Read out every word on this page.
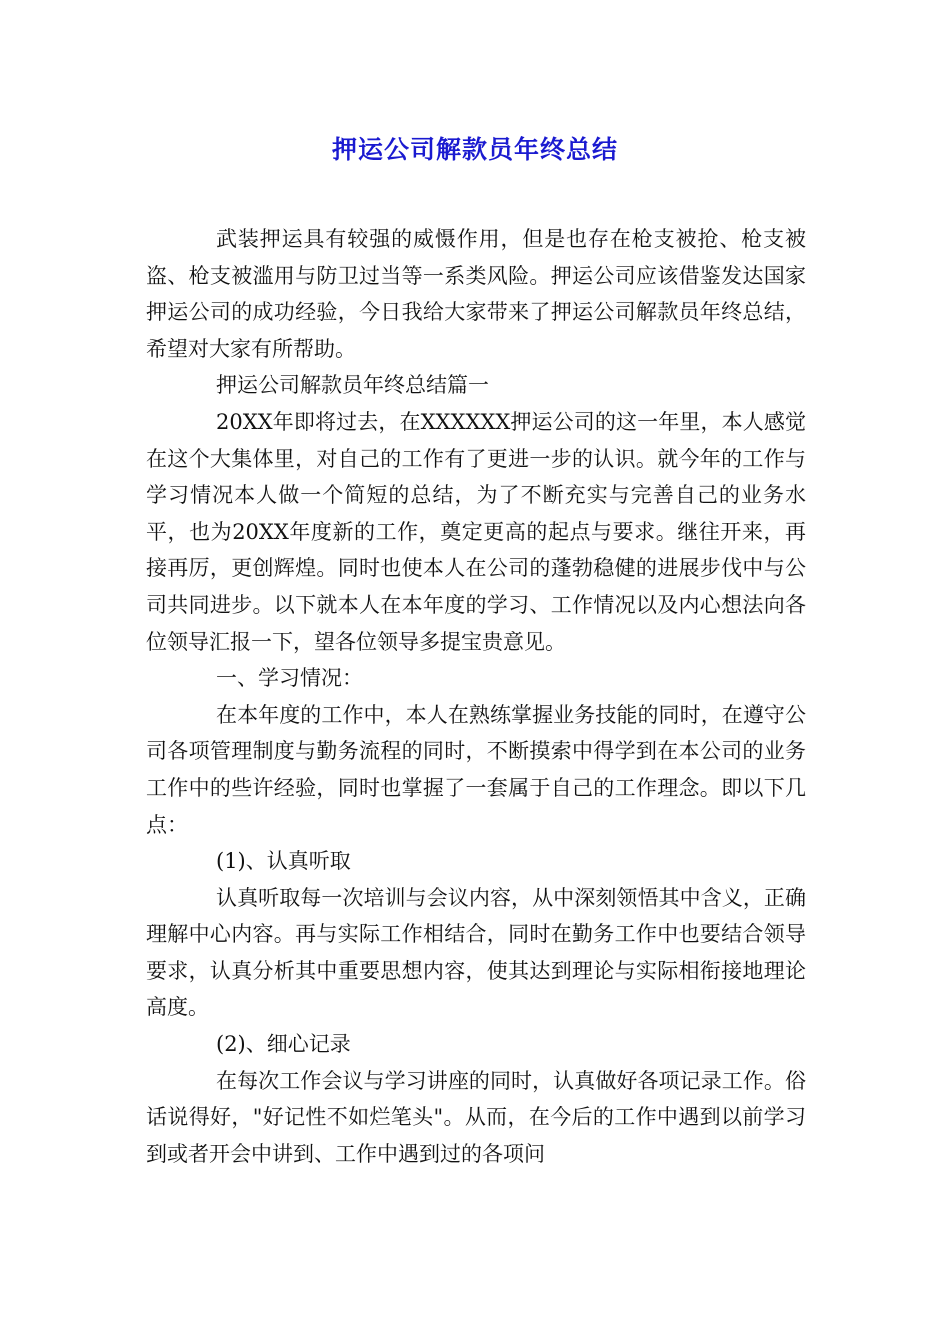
押运公司解款员年终总结

武装押运具有较强的威慑作用，但是也存在枪支被抢、枪支被盗、枪支被滥用与防卫过当等一系类风险。押运公司应该借鉴发达国家押运公司的成功经验，今日我给大家带来了押运公司解款员年终总结，希望对大家有所帮助。

押运公司解款员年终总结篇一

20XX年即将过去，在XXXXXX押运公司的这一年里，本人感觉在这个大集体里，对自己的工作有了更进一步的认识。就今年的工作与学习情况本人做一个简短的总结，为了不断充实与完善自己的业务水平，也为20XX年度新的工作，奠定更高的起点与要求。继往开来，再接再厉，更创辉煌。同时也使本人在公司的蓬勃稳健的进展步伐中与公司共同进步。以下就本人在本年度的学习、工作情况以及内心想法向各位领导汇报一下，望各位领导多提宝贵意见。

一、学习情况：

在本年度的工作中，本人在熟练掌握业务技能的同时，在遵守公司各项管理制度与勤务流程的同时，不断摸索中得学到在本公司的业务工作中的些许经验，同时也掌握了一套属于自己的工作理念。即以下几点：

(1)、认真听取

认真听取每一次培训与会议内容，从中深刻领悟其中含义，正确理解中心内容。再与实际工作相结合，同时在勤务工作中也要结合领导要求，认真分析其中重要思想内容，使其达到理论与实际相衔接地理论高度。

(2)、细心记录

在每次工作会议与学习讲座的同时，认真做好各项记录工作。俗话说得好，"好记性不如烂笔头"。从而，在今后的工作中遇到以前学习到或者开会中讲到、工作中遇到过的各项问
